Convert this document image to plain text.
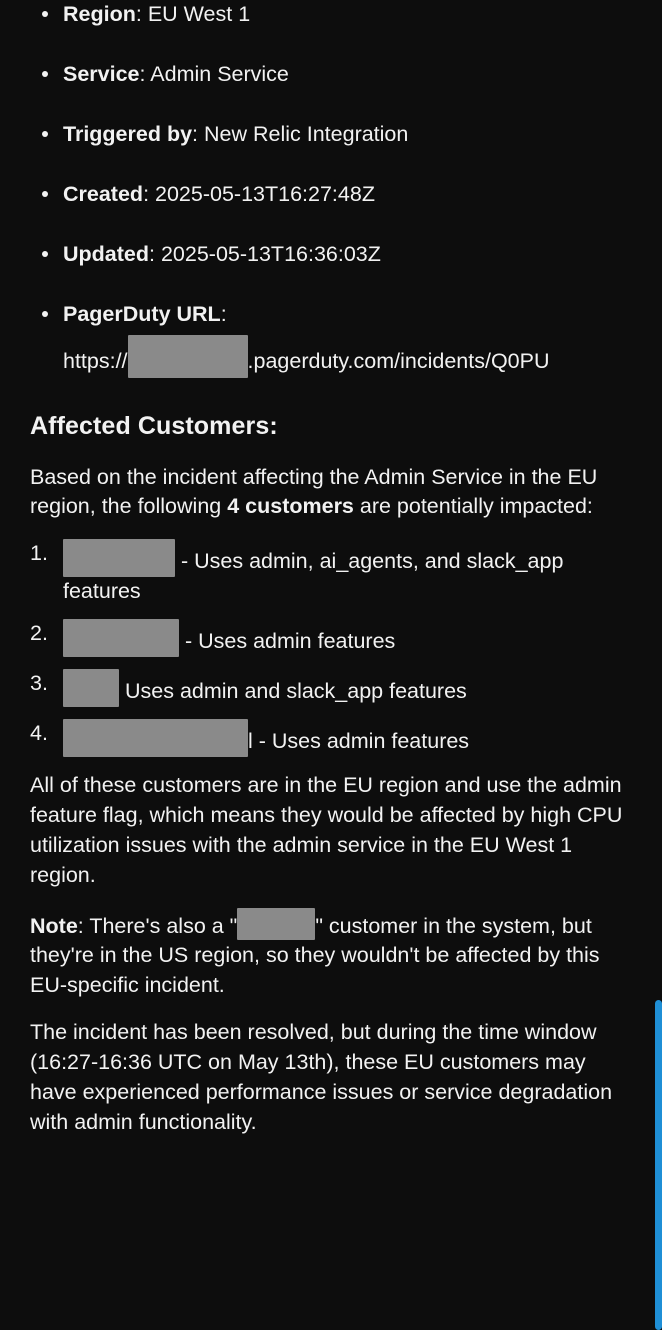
Region: EU West 1
Service: Admin Service
Triggered by: New Relic Integration
Created: 2025-05-13T16:27:48Z
Updated: 2025-05-13T16:36:03Z
PagerDuty URL:
https://	.pagerduty.com/incidents/Q0PU
Affected Customers:

Based on the incident affecting the Admin Service in the EU region, the following 4 customers are potentially impacted:

- Uses admin, ai_agents, and slack_app features
- Uses admin features
Uses admin and slack_app features
l - Uses admin features

All of these customers are in the EU region and use the admin feature flag, which means they would be affected by high CPU utilization issues with the admin service in the EU West 1 region.

Note: There's also a "	" customer in the system, but they're in the US region, so they wouldn't be affected by this EU-specific incident.

The incident has been resolved, but during the time window (16:27-16:36 UTC on May 13th), these EU customers may have experienced performance issues or service degradation with admin functionality.
